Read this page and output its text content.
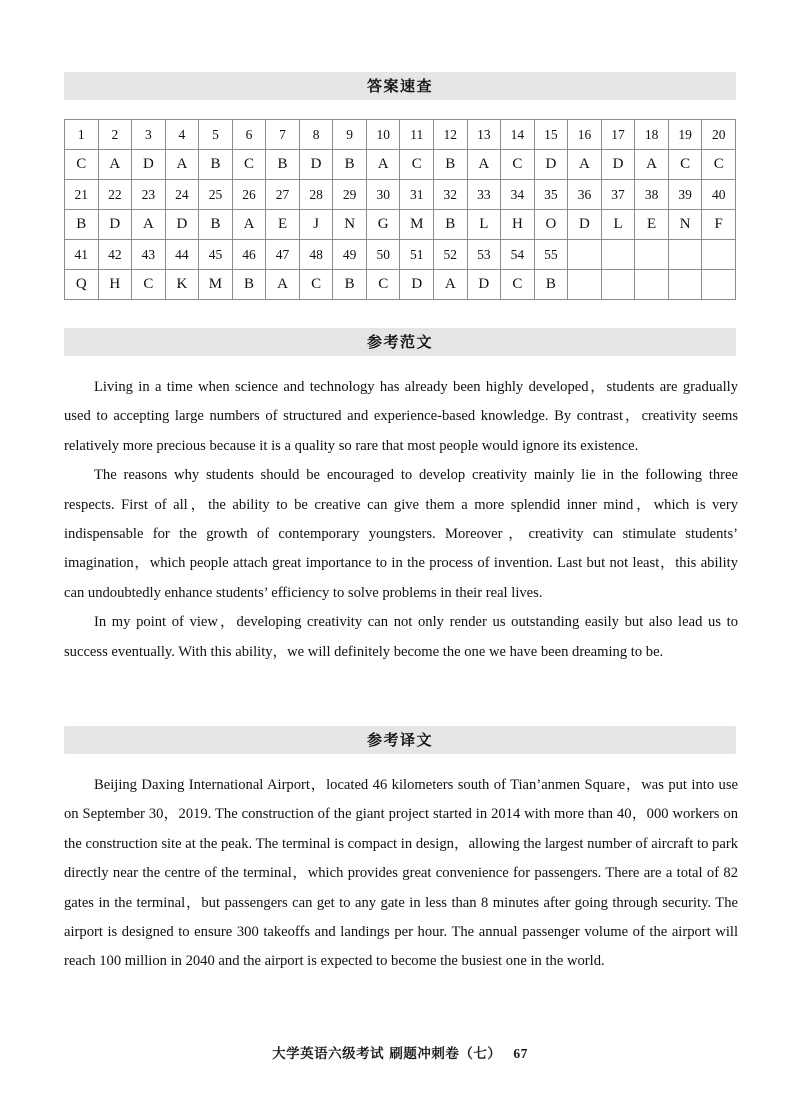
答案速查
1	2	3	4	5	6	7	8	9	10	11	12	13	14	15	16	17	18	19	20
C	A	D	A	B	C	B	D	B	A	C	B	A	C	D	A	D	A	C	C
21	22	23	24	25	26	27	28	29	30	31	32	33	34	35	36	37	38	39	40
B	D	A	D	B	A	E	J	N	G	M	B	L	H	O	D	L	E	N	F
41	42	43	44	45	46	47	48	49	50	51	52	53	54	55					
Q	H	C	K	M	B	A	C	B	C	D	A	D	C	B					
参考范文

Living in a time when science and technology has already been highly developed，students are gradually used to accepting large numbers of structured and experience-based knowledge. By contrast，creativity seems relatively more precious because it is a quality so rare that most people would ignore its existence.

The reasons why students should be encouraged to develop creativity mainly lie in the following three respects. First of all，the ability to be creative can give them a more splendid inner mind，which is very indispensable for the growth of contemporary youngsters. Moreover，creativity can stimulate students’ imagination，which people attach great importance to in the process of invention. Last but not least，this ability can undoubtedly enhance students’ efficiency to solve problems in their real lives.

In my point of view，developing creativity can not only render us outstanding easily but also lead us to success eventually. With this ability，we will definitely become the one we have been dreaming to be.

参考译文

Beijing Daxing International Airport，located 46 kilometers south of Tian’anmen Square，was put into use on September 30，2019. The construction of the giant project started in 2014 with more than 40，000 workers on the construction site at the peak. The terminal is compact in design，allowing the largest number of aircraft to park directly near the centre of the terminal，which provides great convenience for passengers. There are a total of 82 gates in the terminal，but passengers can get to any gate in less than 8 minutes after going through security. The airport is designed to ensure 300 takeoffs and landings per hour. The annual passenger volume of the airport will reach 100 million in 2040 and the airport is expected to become the busiest one in the world.

大学英语六级考试 刷题冲刺卷（七） 67
